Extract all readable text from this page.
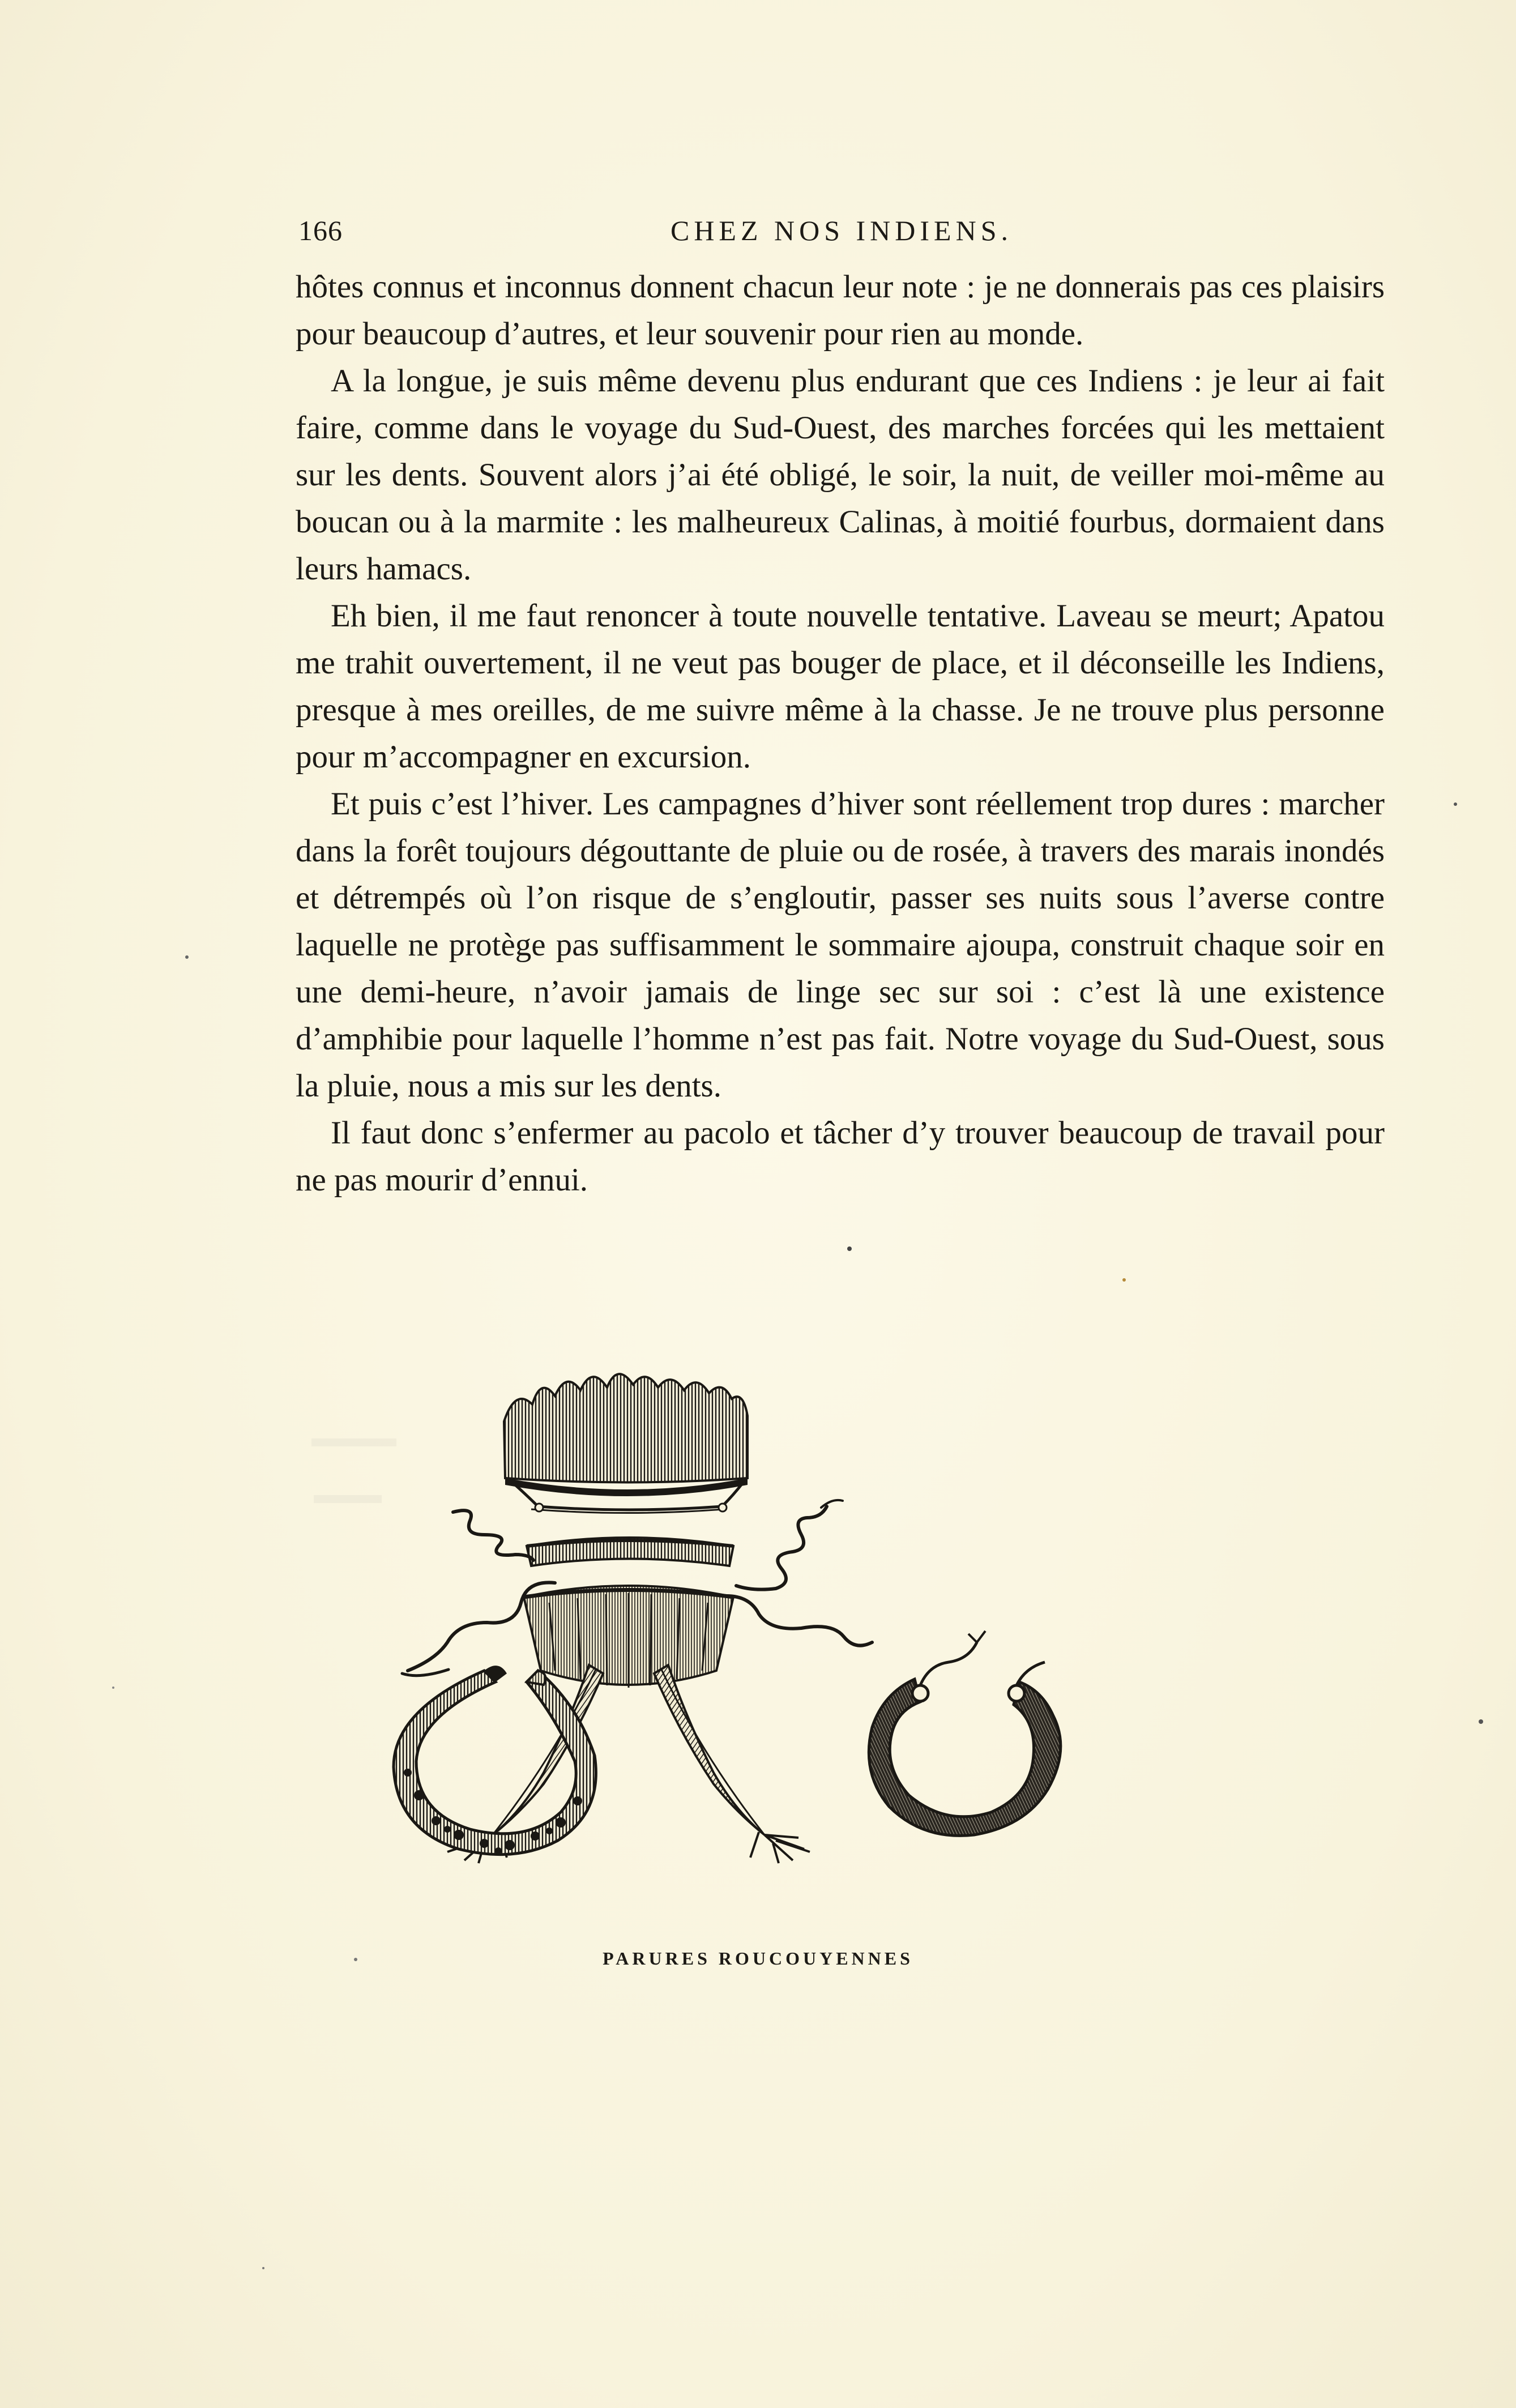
166	CHEZ NOS INDIENS.

hôtes connus et inconnus donnent chacun leur note : je ne donnerais pas ces plaisirs pour beaucoup d’autres, et leur souvenir pour rien au monde.

A la longue, je suis même devenu plus endurant que ces Indiens : je leur ai fait faire, comme dans le voyage du Sud-Ouest, des marches forcées qui les mettaient sur les dents. Souvent alors j’ai été obligé, le soir, la nuit, de veiller moi-même au boucan ou à la marmite : les malheureux Calinas, à moitié fourbus, dormaient dans leurs hamacs.

Eh bien, il me faut renoncer à toute nouvelle tentative. Laveau se meurt; Apatou me trahit ouvertement, il ne veut pas bouger de place, et il déconseille les Indiens, presque à mes oreilles, de me suivre même à la chasse. Je ne trouve plus personne pour m’accompagner en excursion.

Et puis c’est l’hiver. Les campagnes d’hiver sont réellement trop dures : marcher dans la forêt toujours dégouttante de pluie ou de rosée, à travers des marais inondés et détrempés où l’on risque de s’engloutir, passer ses nuits sous l’averse contre laquelle ne protège pas suffisamment le sommaire ajoupa, construit chaque soir en une demi-heure, n’avoir jamais de linge sec sur soi : c’est là une existence d’amphibie pour laquelle l’homme n’est pas fait. Notre voyage du Sud-Ouest, sous la pluie, nous a mis sur les dents.

Il faut donc s’enfermer au pacolo et tâcher d’y trouver beaucoup de travail pour ne pas mourir d’ennui.

PARURES ROUCOUYENNES
